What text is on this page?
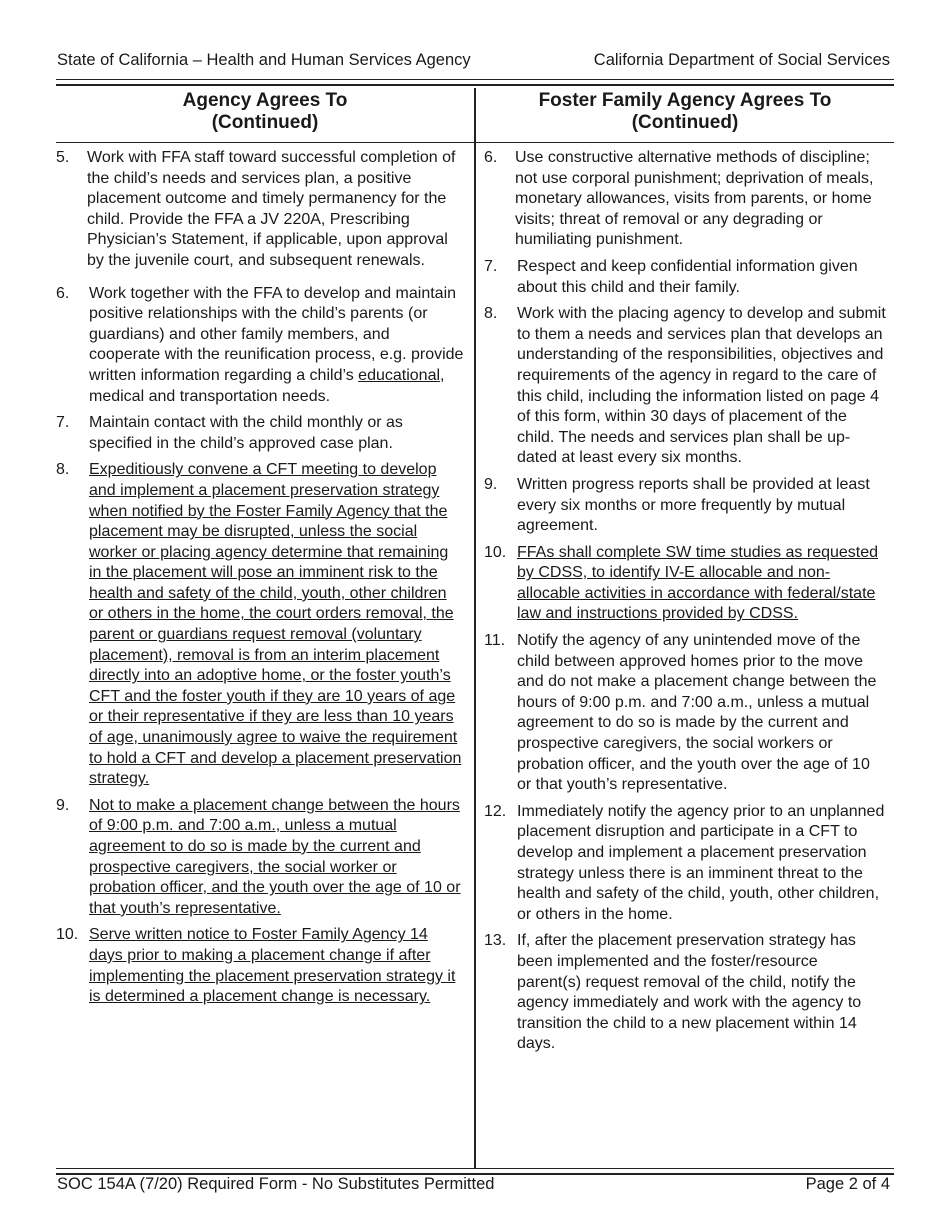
State of California – Health and Human Services Agency	California Department of Social Services
Agency Agrees To
(Continued)
Foster Family Agency Agrees To
(Continued)
5. Work with FFA staff toward successful completion of the child’s needs and services plan, a positive placement outcome and timely permanency for the child. Provide the FFA a JV 220A, Prescribing Physician’s Statement, if applicable, upon approval by the juvenile court, and subsequent renewals.
6. Work together with the FFA to develop and maintain positive relationships with the child’s parents (or guardians) and other family members, and cooperate with the reunification process, e.g. provide written information regarding a child’s educational, medical and transportation needs.
7. Maintain contact with the child monthly or as specified in the child’s approved case plan.
8. Expeditiously convene a CFT meeting to develop and implement a placement preservation strategy when notified by the Foster Family Agency that the placement may be disrupted, unless the social worker or placing agency determine that remaining in the placement will pose an imminent risk to the health and safety of the child, youth, other children or others in the home, the court orders removal, the parent or guardians request removal (voluntary placement), removal is from an interim placement directly into an adoptive home, or the foster youth’s CFT and the foster youth if they are 10 years of age or their representative if they are less than 10 years of age, unanimously agree to waive the requirement to hold a CFT and develop a placement preservation strategy.
9. Not to make a placement change between the hours of 9:00 p.m. and 7:00 a.m., unless a mutual agreement to do so is made by the current and prospective caregivers, the social worker or probation officer, and the youth over the age of 10 or that youth’s representative.
10. Serve written notice to Foster Family Agency 14 days prior to making a placement change if after implementing the placement preservation strategy it is determined a placement change is necessary.
6. Use constructive alternative methods of discipline; not use corporal punishment; deprivation of meals, monetary allowances, visits from parents, or home visits; threat of removal or any degrading or humiliating punishment.
7. Respect and keep confidential information given about this child and their family.
8. Work with the placing agency to develop and submit to them a needs and services plan that develops an understanding of the responsibilities, objectives and requirements of the agency in regard to the care of this child, including the information listed on page 4 of this form, within 30 days of placement of the child. The needs and services plan shall be up-dated at least every six months.
9. Written progress reports shall be provided at least every six months or more frequently by mutual agreement.
10. FFAs shall complete SW time studies as requested by CDSS, to identify IV-E allocable and non-allocable activities in accordance with federal/state law and instructions provided by CDSS.
11. Notify the agency of any unintended move of the child between approved homes prior to the move and do not make a placement change between the hours of 9:00 p.m. and 7:00 a.m., unless a mutual agreement to do so is made by the current and prospective caregivers, the social workers or probation officer, and the youth over the age of 10 or that youth’s representative.
12. Immediately notify the agency prior to an unplanned placement disruption and participate in a CFT to develop and implement a placement preservation strategy unless there is an imminent threat to the health and safety of the child, youth, other children, or others in the home.
13. If, after the placement preservation strategy has been implemented and the foster/resource parent(s) request removal of the child, notify the agency immediately and work with the agency to transition the child to a new placement within 14 days.
SOC 154A (7/20) Required Form - No Substitutes Permitted	Page 2 of 4
